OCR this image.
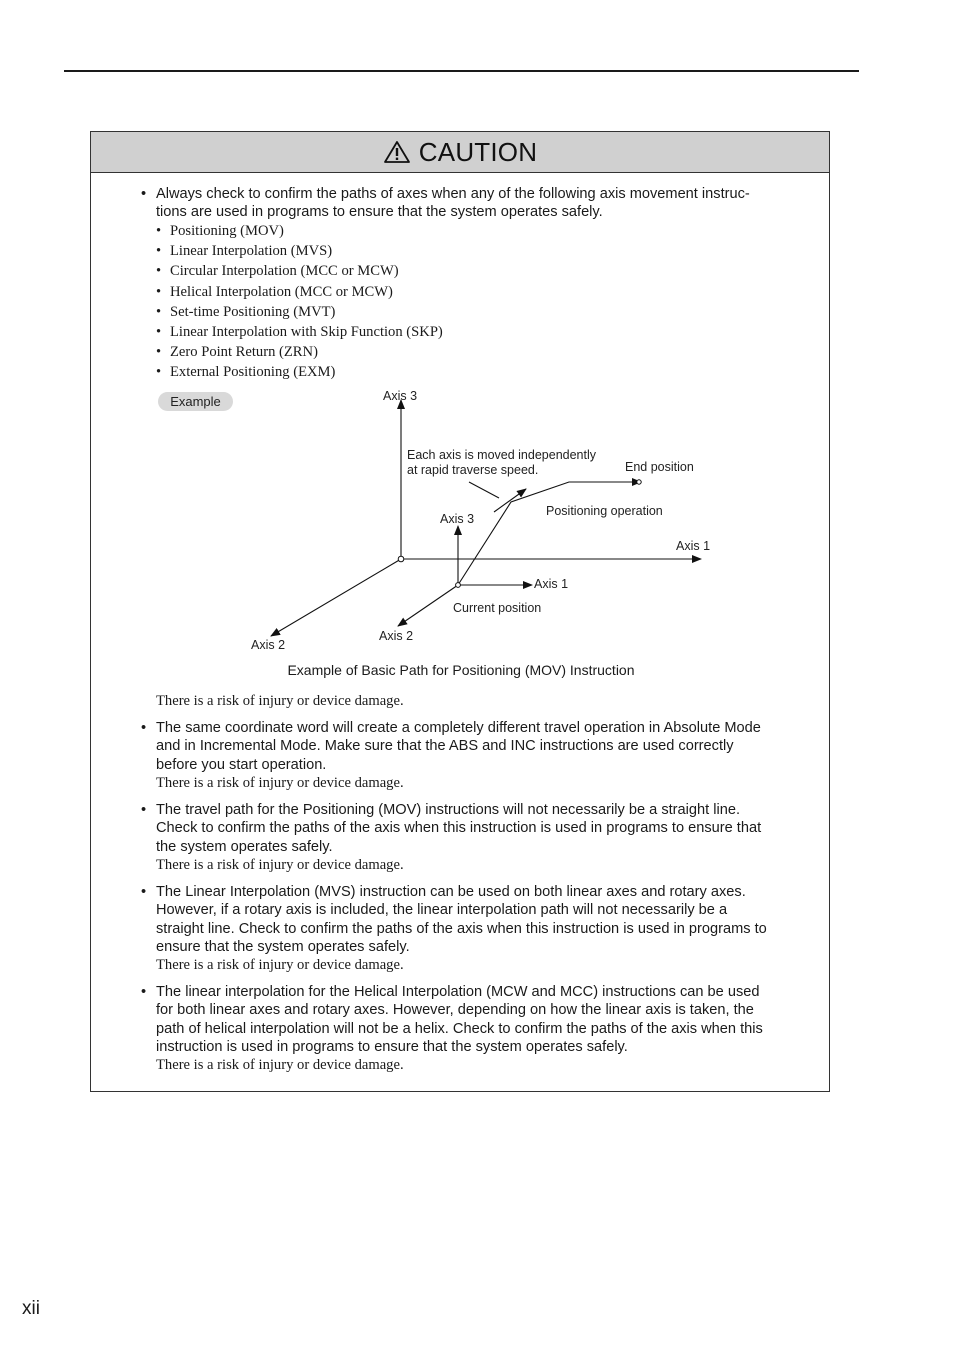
CAUTION
• Always check to confirm the paths of axes when any of the following axis movement instruc-
tions are used in programs to ensure that the system operates safely.
• Positioning (MOV)
• Linear Interpolation (MVS)
• Circular Interpolation (MCC or MCW)
• Helical Interpolation (MCC or MCW)
• Set-time Positioning (MVT)
• Linear Interpolation with Skip Function (SKP)
• Zero Point Return (ZRN)
• External Positioning (EXM)
Example	Axis 3
Axis 1
Axis 2
Axis 3
Axis 1
Axis 2
Each axis is moved independently
at rapid traverse speed.	End position
Positioning operation
Current position
Example of Basic Path for Positioning (MOV) Instruction
There is a risk of injury or device damage.
• The same coordinate word will create a completely different travel operation in Absolute Mode
and in Incremental Mode. Make sure that the ABS and INC instructions are used correctly
before you start operation.
There is a risk of injury or device damage.
• The travel path for the Positioning (MOV) instructions will not necessarily be a straight line.
Check to confirm the paths of the axis when this instruction is used in programs to ensure that
the system operates safely.
There is a risk of injury or device damage.
• The Linear Interpolation (MVS) instruction can be used on both linear axes and rotary axes.
However, if a rotary axis is included, the linear interpolation path will not necessarily be a
straight line. Check to confirm the paths of the axis when this instruction is used in programs to
ensure that the system operates safely.
There is a risk of injury or device damage.
• The linear interpolation for the Helical Interpolation (MCW and MCC) instructions can be used
for both linear axes and rotary axes. However, depending on how the linear axis is taken, the
path of helical interpolation will not be a helix. Check to confirm the paths of the axis when this
instruction is used in programs to ensure that the system operates safely.
There is a risk of injury or device damage.
xii
